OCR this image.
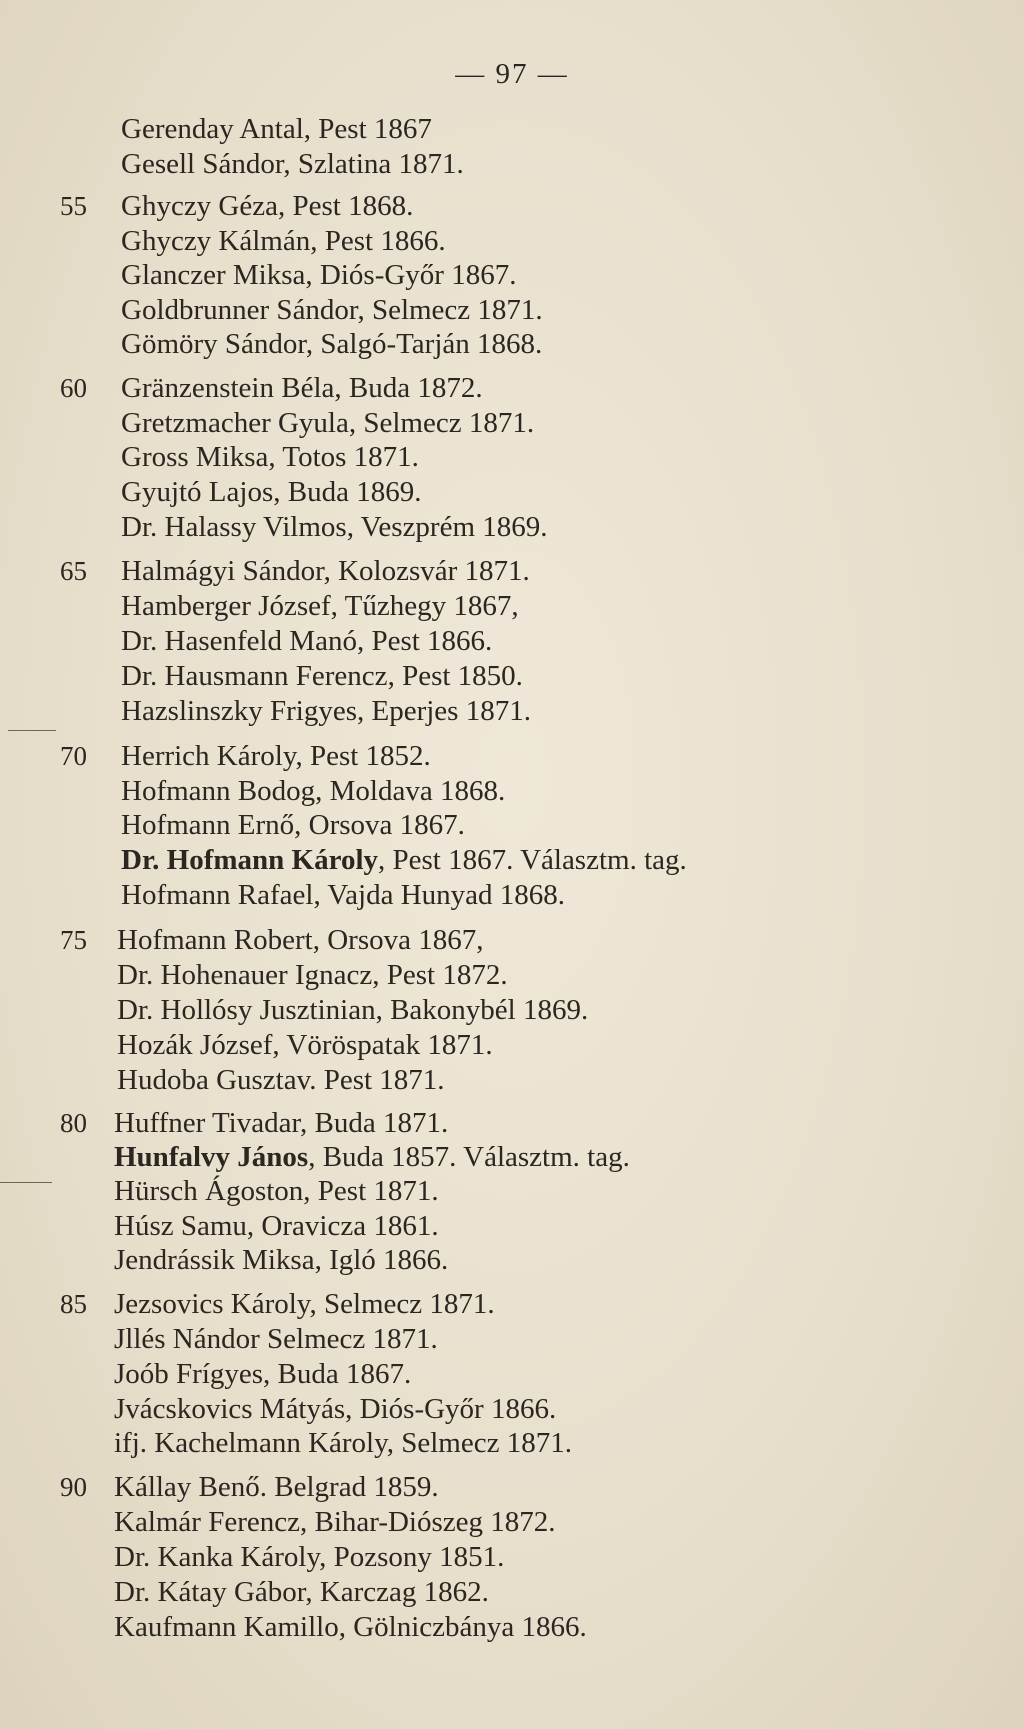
— 97 —
Gerenday Antal, Pest 1867
Gesell Sándor, Szlatina 1871.
55	Ghyczy Géza, Pest 1868.
Ghyczy Kálmán, Pest 1866.
Glanczer Miksa, Diós-Győr 1867.
Goldbrunner Sándor, Selmecz 1871.
Gömöry Sándor, Salgó-Tarján 1868.
60	Gränzenstein Béla, Buda 1872.
Gretzmacher Gyula, Selmecz 1871.
Gross Miksa, Totos 1871.
Gyujtó Lajos, Buda 1869.
Dr. Halassy Vilmos, Veszprém 1869.
65	Halmágyi Sándor, Kolozsvár 1871.
Hamberger József, Tűzhegy 1867,
Dr. Hasenfeld Manó, Pest 1866.
Dr. Hausmann Ferencz, Pest 1850.
Hazslinszky Frigyes, Eperjes 1871.
70	Herrich Károly, Pest 1852.
Hofmann Bodog, Moldava 1868.
Hofmann Ernő, Orsova 1867.
Dr. Hofmann Károly, Pest 1867. Választm. tag.
Hofmann Rafael, Vajda Hunyad 1868.
75	Hofmann Robert, Orsova 1867,
Dr. Hohenauer Ignacz, Pest 1872.
Dr. Hollósy Jusztinian, Bakonybél 1869.
Hozák József, Vöröspatak 1871.
Hudoba Gusztav. Pest 1871.
80 Huffner Tivadar, Buda 1871.
Hunfalvy János, Buda 1857. Választm. tag.
Hürsch Ágoston, Pest 1871.
Húsz Samu, Oravicza 1861.
Jendrássik Miksa, Igló 1866.
85 Jezsovics Károly, Selmecz 1871.
Jllés Nándor Selmecz 1871.
Joób Frígyes, Buda 1867.
Jvácskovics Mátyás, Diós-Győr 1866.
ifj. Kachelmann Károly, Selmecz 1871.
90 Kállay Benő. Belgrad 1859.
Kalmár Ferencz, Bihar-Diószeg 1872.
Dr. Kanka Károly, Pozsony 1851.
Dr. Kátay Gábor, Karczag 1862.
Kaufmann Kamillo, Gölniczbánya 1866.
